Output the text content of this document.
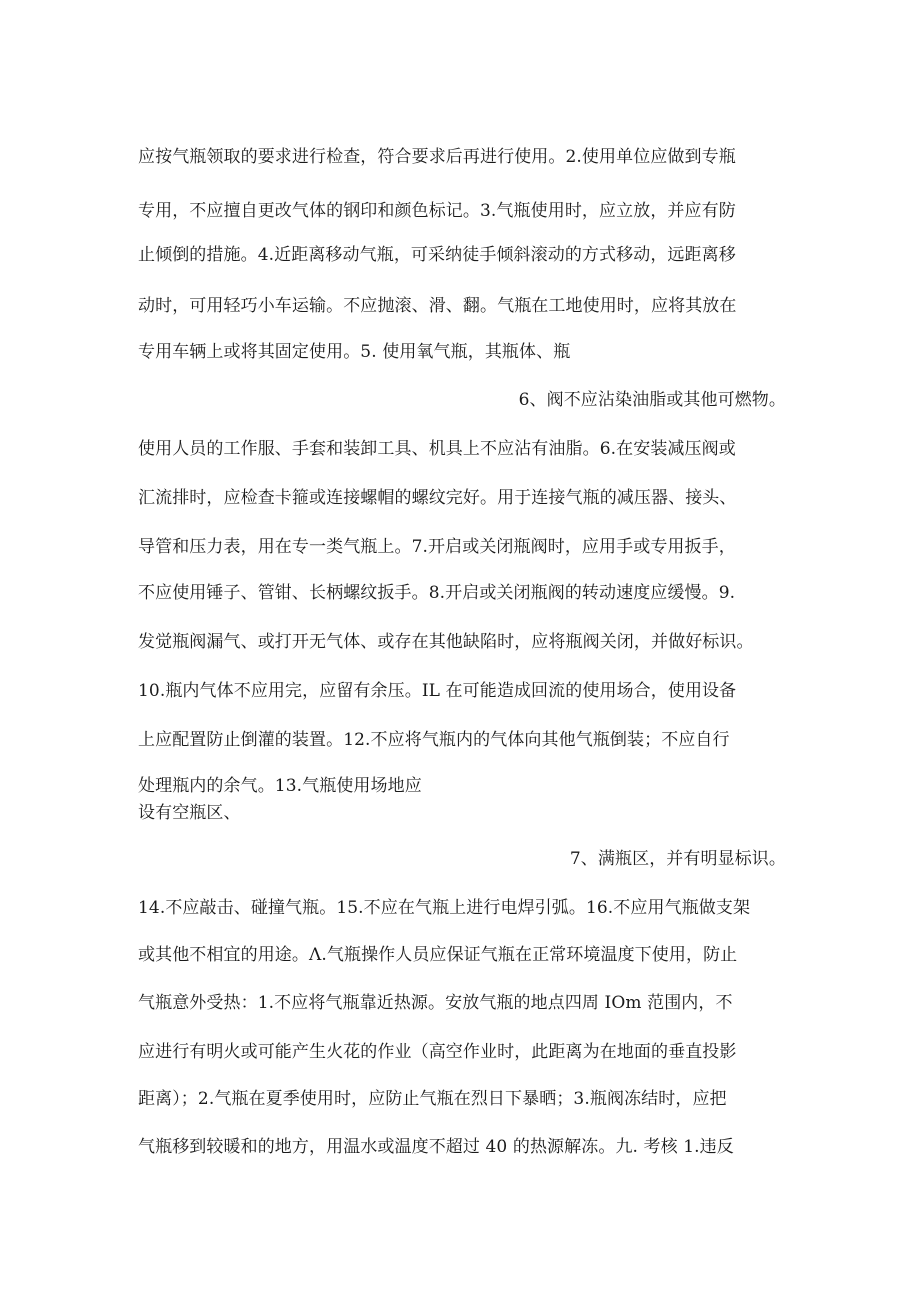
应按气瓶领取的要求进行检查，符合要求后再进行使用。2.使用单位应做到专瓶
专用，不应擅自更改气体的钢印和颜色标记。3.气瓶使用时，应立放，并应有防
止倾倒的措施。4.近距离移动气瓶，可采纳徒手倾斜滚动的方式移动，远距离移
动时，可用轻巧小车运输。不应抛滚、滑、翻。气瓶在工地使用时，应将其放在
专用车辆上或将其固定使用。5. 使用氧气瓶，其瓶体、瓶
6、阀不应沾染油脂或其他可燃物。
使用人员的工作服、手套和装卸工具、机具上不应沾有油脂。6.在安装减压阀或
汇流排时，应检查卡箍或连接螺帽的螺纹完好。用于连接气瓶的减压器、接头、
导管和压力表，用在专一类气瓶上。7.开启或关闭瓶阀时，应用手或专用扳手，
不应使用锤子、管钳、长柄螺纹扳手。8.开启或关闭瓶阀的转动速度应缓慢。9.
发觉瓶阀漏气、或打开无气体、或存在其他缺陷时，应将瓶阀关闭，并做好标识。
10.瓶内气体不应用完，应留有余压。IL 在可能造成回流的使用场合，使用设备
上应配置防止倒灌的装置。12.不应将气瓶内的气体向其他气瓶倒装；不应自行
处理瓶内的余气。13.气瓶使用场地应
设有空瓶区、
7、满瓶区，并有明显标识。
14.不应敲击、碰撞气瓶。15.不应在气瓶上进行电焊引弧。16.不应用气瓶做支架
或其他不相宜的用途。Λ.气瓶操作人员应保证气瓶在正常环境温度下使用，防止
气瓶意外受热：1.不应将气瓶靠近热源。安放气瓶的地点四周 IOm 范围内，不
应进行有明火或可能产生火花的作业（高空作业时，此距离为在地面的垂直投影
距离）；2.气瓶在夏季使用时，应防止气瓶在烈日下暴晒；3.瓶阀冻结时，应把
气瓶移到较暖和的地方，用温水或温度不超过 40 的热源解冻。九. 考核 1.违反
